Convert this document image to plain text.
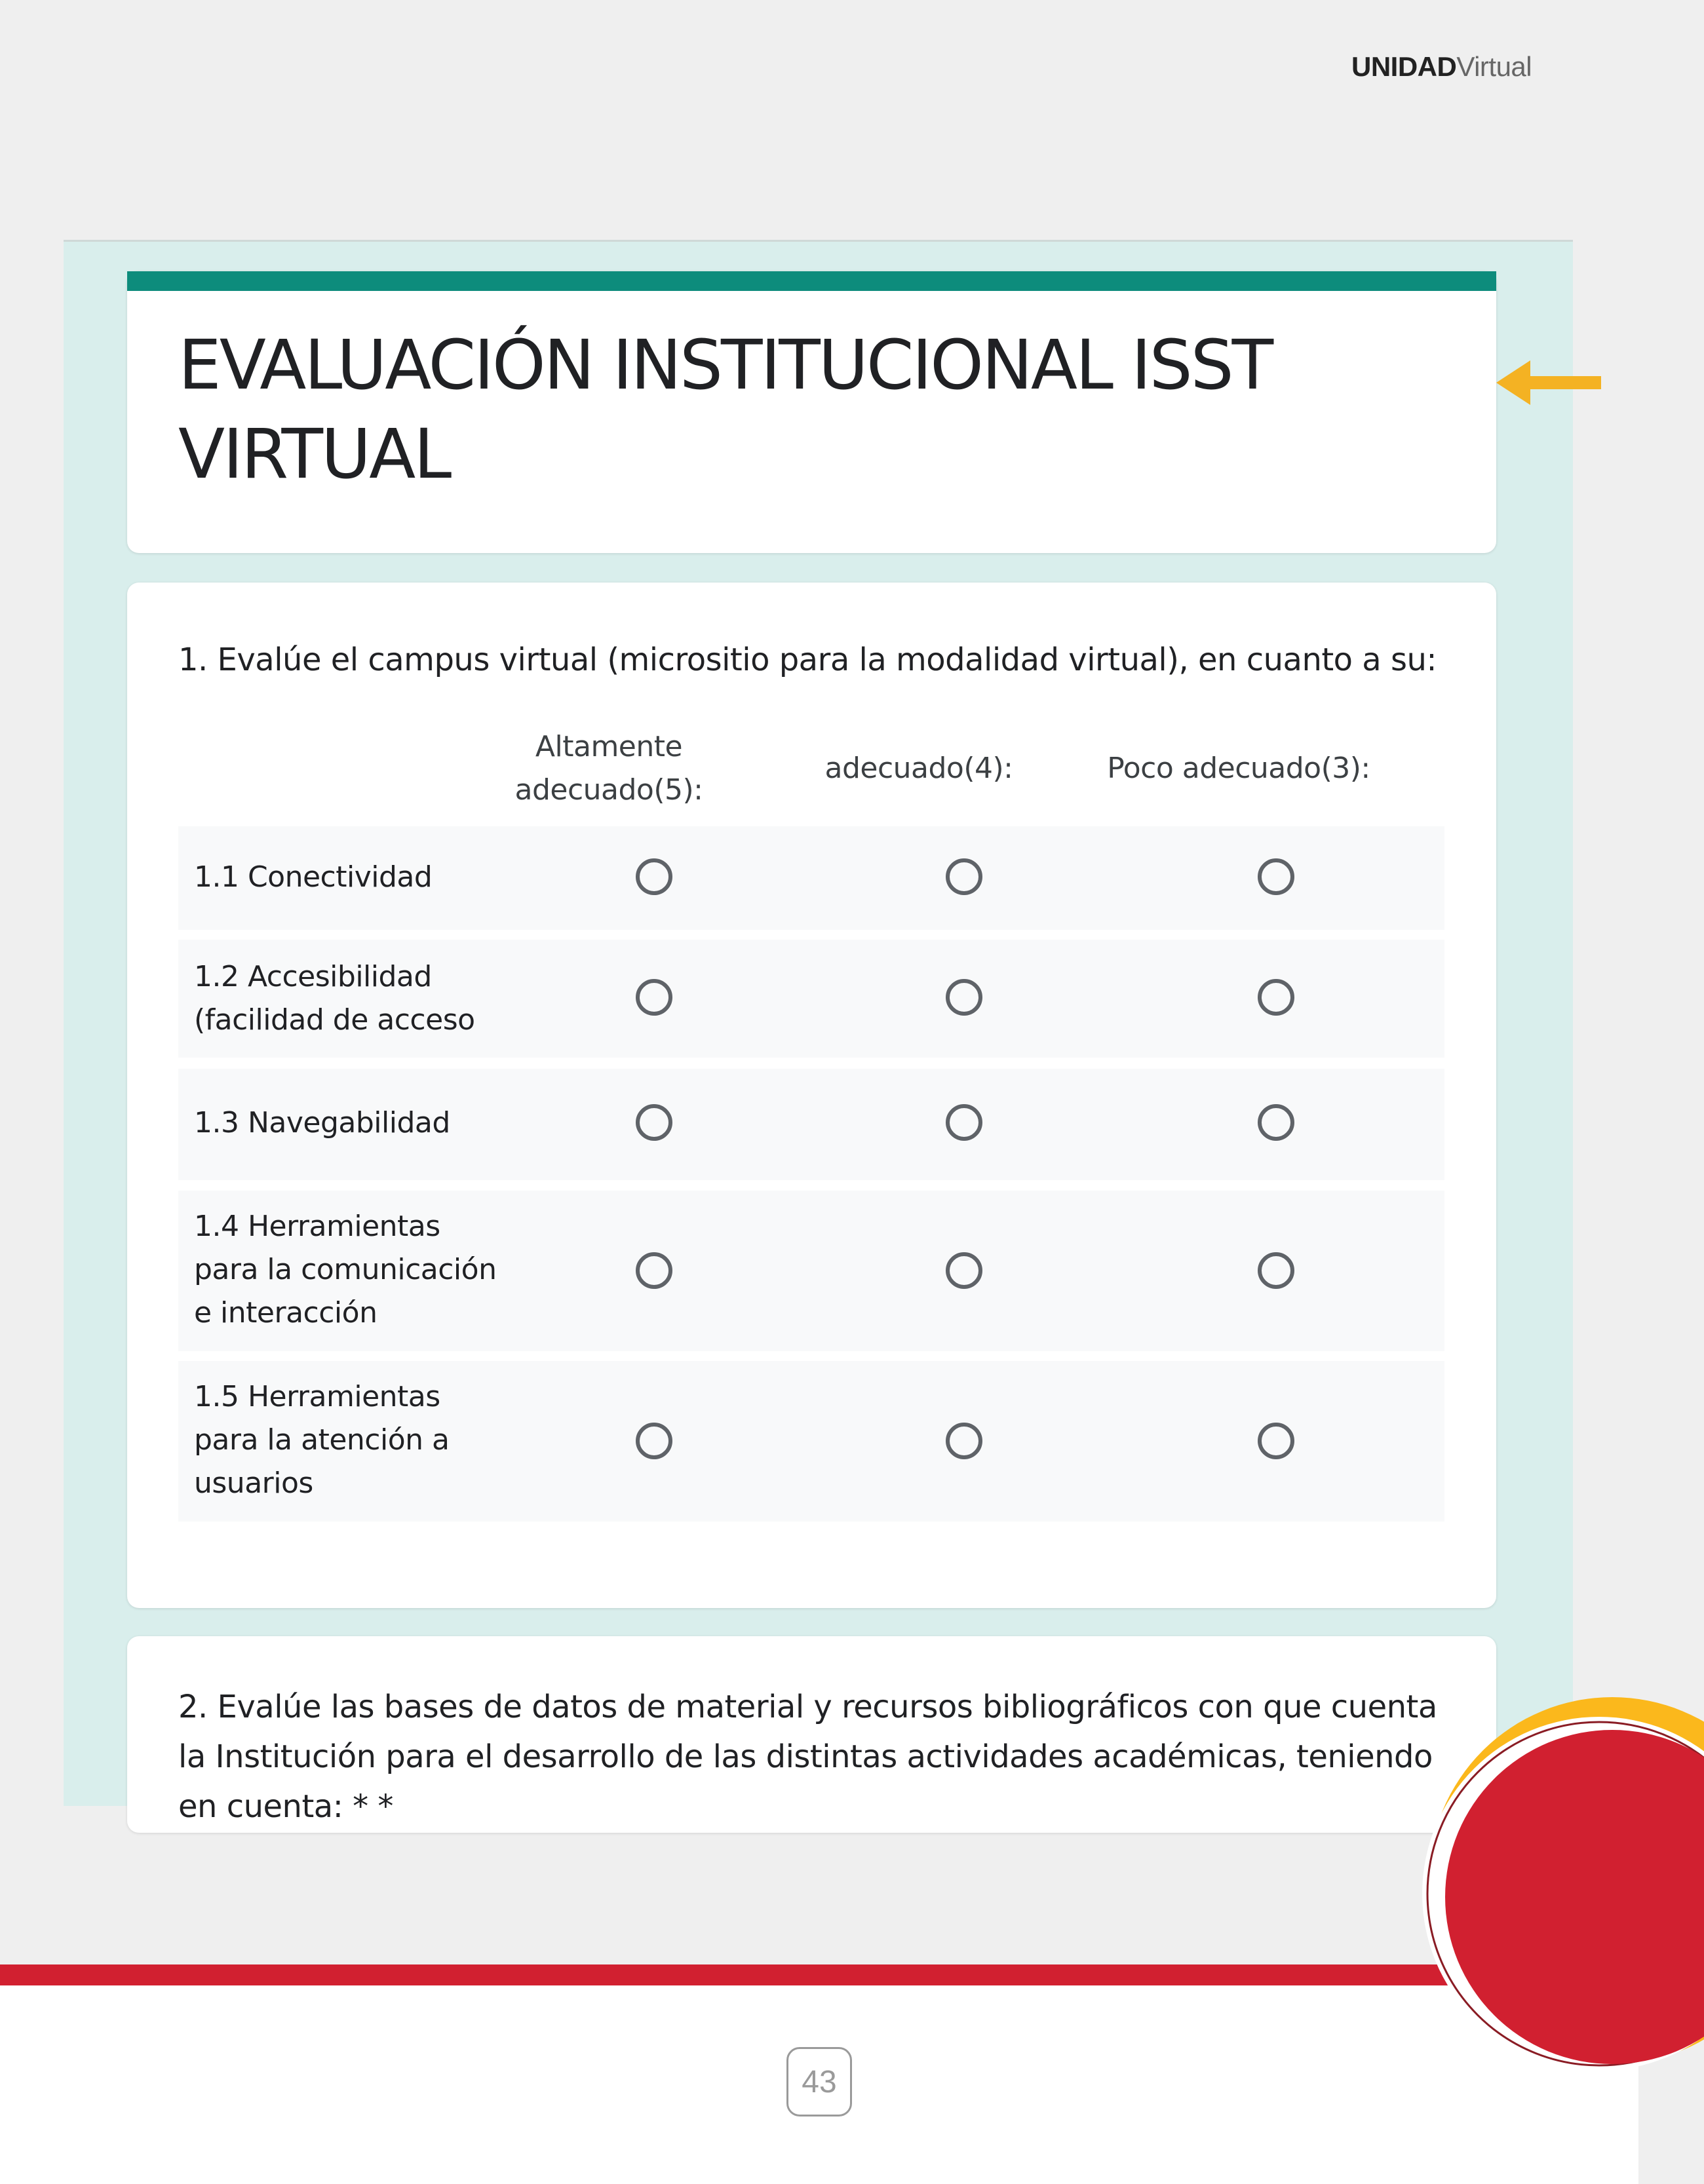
UNIDADVirtual
EVALUACIÓN INSTITUCIONAL ISST
VIRTUAL
1. Evalúe el campus virtual (micrositio para la modalidad virtual), en cuanto a su:
Altamente
adecuado(5):
adecuado(4):	Poco adecuado(3):
1.1 Conectividad
1.2 Accesibilidad
(facilidad de acceso
1.3 Navegabilidad
1.4 Herramientas
para la comunicación
e interacción
1.5 Herramientas
para la atención a
usuarios
2. Evalúe las bases de datos de material y recursos bibliográficos con que cuenta
la Institución para el desarrollo de las distintas actividades académicas, teniendo
en cuenta: * *
43
